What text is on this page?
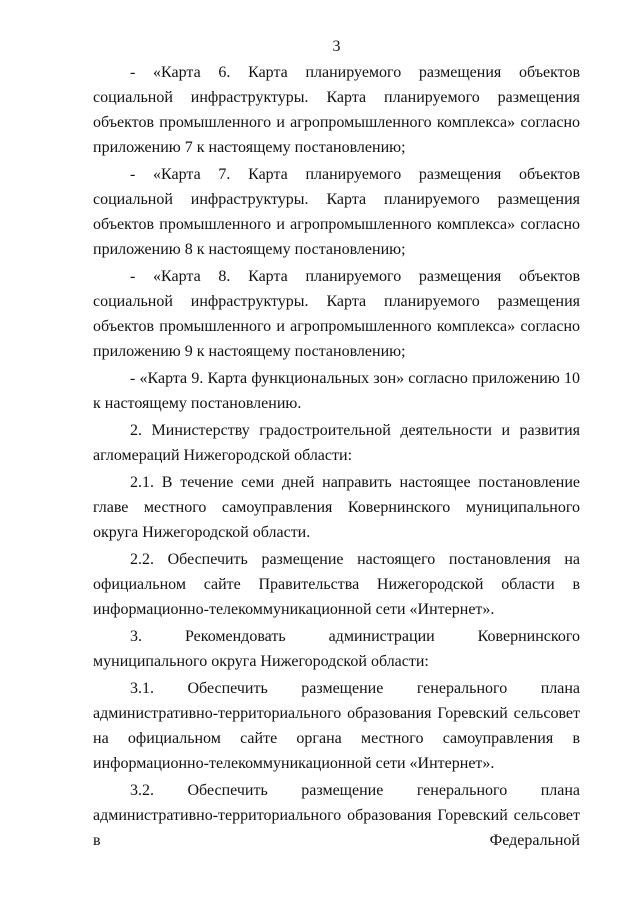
3

- «Карта 6. Карта планируемого размещения объектов социальной инфраструктуры. Карта планируемого размещения объектов промышленного и агропромышленного комплекса» согласно приложению 7 к настоящему постановлению;

- «Карта 7. Карта планируемого размещения объектов социальной инфраструктуры. Карта планируемого размещения объектов промышленного и агропромышленного комплекса» согласно приложению 8 к настоящему постановлению;

- «Карта 8. Карта планируемого размещения объектов социальной инфраструктуры. Карта планируемого размещения объектов промышленного и агропромышленного комплекса» согласно приложению 9 к настоящему постановлению;

- «Карта 9. Карта функциональных зон» согласно приложению 10 к настоящему постановлению.

2. Министерству градостроительной деятельности и развития агломераций Нижегородской области:

2.1. В течение семи дней направить настоящее постановление главе местного самоуправления Ковернинского муниципального округа Нижегородской области.

2.2. Обеспечить размещение настоящего постановления на официальном сайте Правительства Нижегородской области в информационно-телекоммуникационной сети «Интернет».

3. Рекомендовать администрации Ковернинского муниципального округа Нижегородской области:

3.1. Обеспечить размещение генерального плана административно-территориального образования Горевский сельсовет на официальном сайте органа местного самоуправления в информационно-телекоммуникационной сети «Интернет».

3.2. Обеспечить размещение генерального плана административно-территориального образования Горевский сельсовет в Федеральной
